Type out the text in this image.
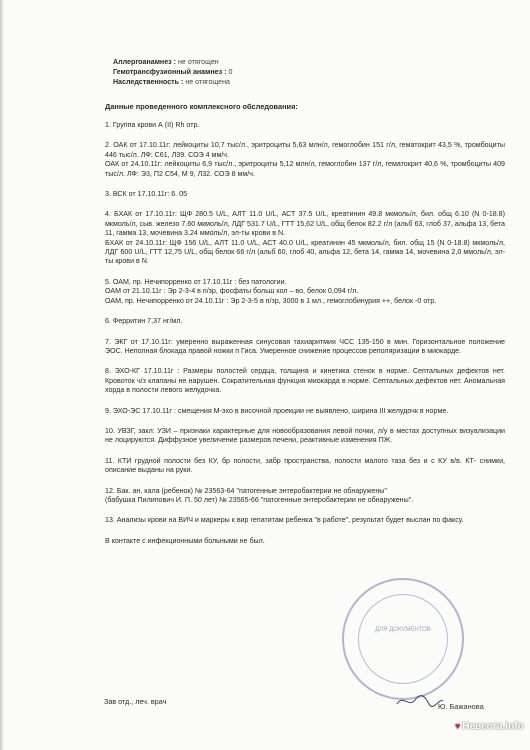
Аллергоанамнез : не отягощен
Гемотрансфузионный анамнез : 0
Наследственность : не отягощена
Данные проведенного комплексного обследования:
1. Группа крови А (II) Rh отр.
2. ОАК от 17.10.11г: лейкоциты 10,7 тыс/л., эритроциты 5,63 млн/л, гемоглобин 151 г/л, гематокрит 43,5 %, тромбоциты 446 тыс/л. ЛФ: С61, Л39. СОЭ 4 мм/ч.
ОАК от 24.10.11г: лейкоциты 6,9 тыс/л., эритроциты 5,12 млн/л, гемоглобин 137 г/л, гематокрит 40,6 %, тромбоциты 409 тыс/л. ЛФ: Э3, П2 С54, М 9, Л32. СОЭ 8 мм/ч.
3. ВСК от 17.10.11г: 6. 05
4. БХАК от 17.10.11г: ЩФ 280.5 U/L, АЛТ 11.0 U/L, АСТ 37.5 U/L, креатинин 49.8 мкмоль/л, бил. общ 6.10 (N 0-18.8) мкмоль/л, сыв. железо 7.60 мкмоль/л, ЛДГ 531.7 U/L, ГТТ 15,62 U/L, общ белок 82.2 г/л (альб 63, глоб 37, альфа 13, бета 11, гамма 13, мочевина 3,24 ммоль/л, эл-ты крови в N.
БХАК от 24.10.11г: ЩФ 156 U/L, АЛТ 11.0 U/L, АСТ 40.0 U/L, креатинин 45 мкмоль/л, бил. общ 15 (N 0-18.8) мкмоль/л, ЛДГ 600 U/L, ГТТ 12,75 U/L, общ белок 66 г/л (альб 60, глоб 40, альфа 12, бета 14, гамма 14, мочевина 2,0 ммоль/л, эл-ты крови в N.
5. ОАМ, пр. Нечипорренко от 17.10.11г : без патологии.
ОАМ от 21.10.11г : Эр 2-3-4 в п/зр, фосфаты больш кол – во, белок 0,094 г/л.
ОАМ, пр. Нечипорренко от 24.10.11г : Эр 2-3-5 в п/зр, 3000 в 1 мл., гемоглобинурия ++, белок -0 отр.
6. Ферритин 7,37 нг/мл.
7. ЭКГ от 17.10.11г: умеренно выраженная синусовая тахиаритмия ЧСС 135-150 в мин. Горизонтальное положение ЭОС. Неполная блокада правой ножки п Гиса. Умеренное снижение процессов реполяризации в миокарде.
8. ЭХО-КГ 17.10.11г : Размеры полостей сердца, толщина и кинетика стенок в норме. Септальных дефектов нет. Кровоток ч/з клапаны не нарушен. Сократительная функция миокарда в норме. Септальных дефектов нет. Аномальная хорда в полости левого желудочка.
9. ЭХО-ЭС 17.10.11г : смещения М-эхо в височной проекции не выявлено, ширина III желудочк в норме.
10. УВЗГ, закл: УЗИ – признаки характерные для новообразования левой почки, л/у в местах доступных визуализации не лоцируются. Диффузное увеличение размеров печени, реактивные изменения ПЖ.
11. КТИ грудной полости без КУ, бр полости, забр пространства, полости малого таза без и с КУ в/в. КТ- снимки, описание выданы на руки.
12. Бак. ан. кала (ребенок) № 23563-64 "патогенные энтеробактерии не обнаружены"
(бабушка Пилипович И. П. 50 лет) № 23565-66 "патогенные энтеробактерии не обнаружены".
13. Анализы крови на ВИЧ и маркеры к вир гепатитам ребенка "в работе", результат будет выслан по факсу.
В контакте с инфекционными больными не был.
ДЛЯ ДОКУМЕНТОВ
Зав отд., леч. врач
Ю. Бажанова
♥ Невеста.info
